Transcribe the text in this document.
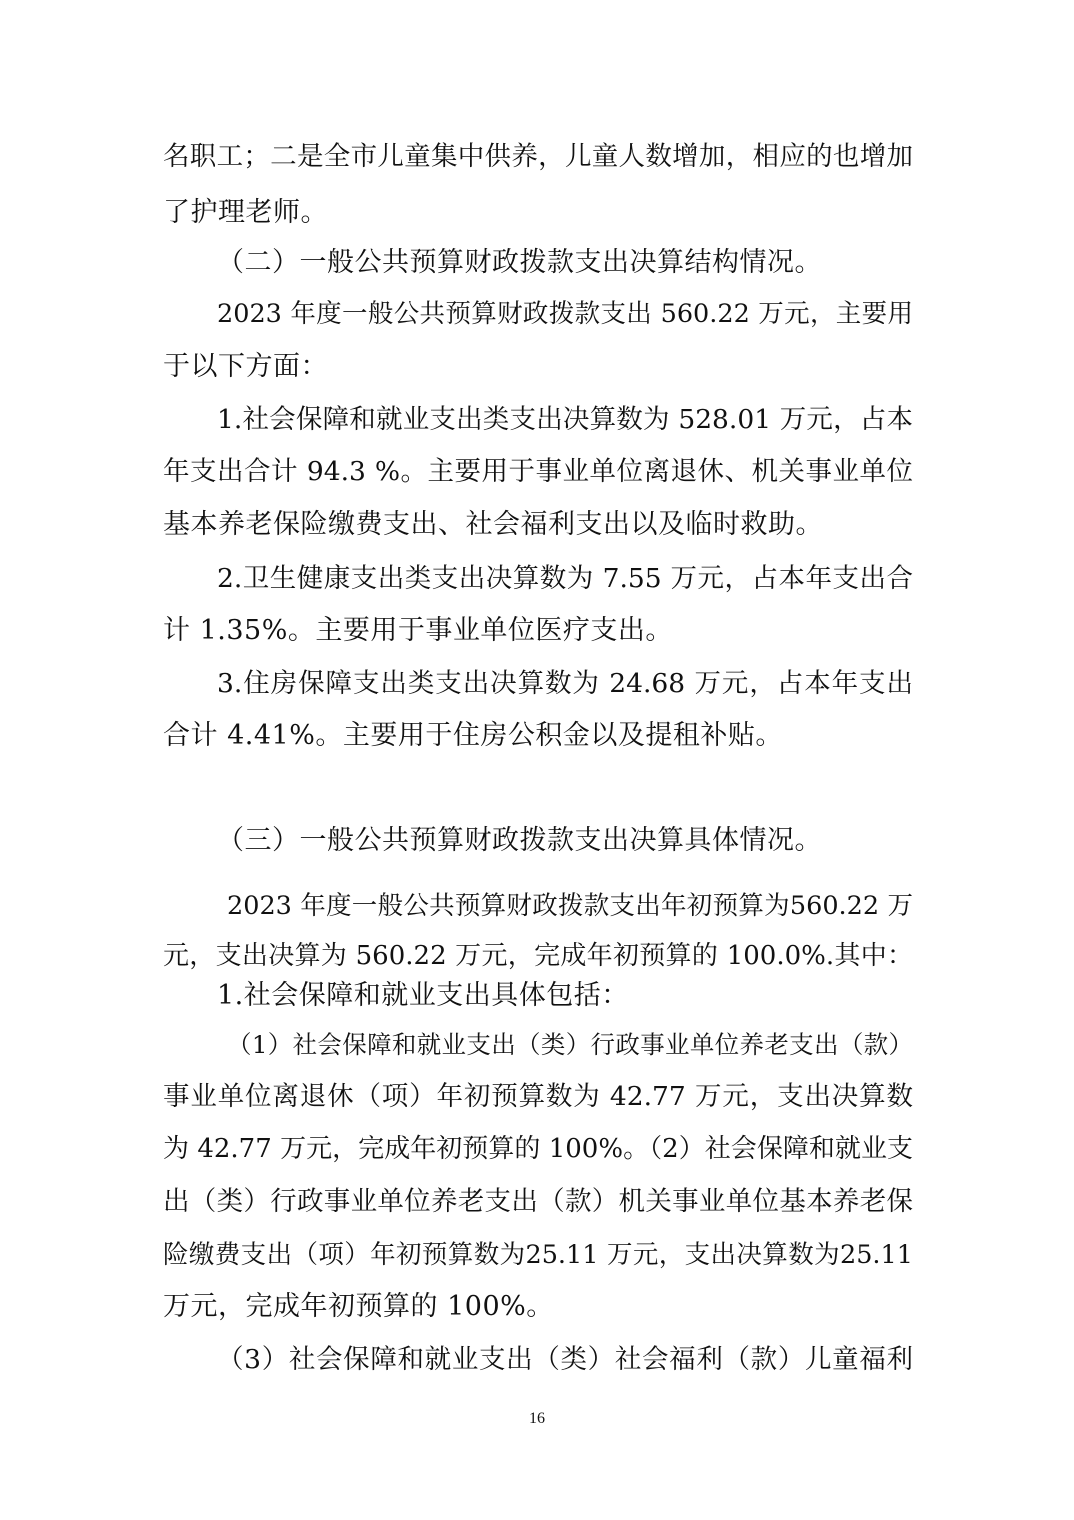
名职工；二是全市儿童集中供养，儿童人数增加，相应的也增加
了护理老师。
（二）一般公共预算财政拨款支出决算结构情况。
2023 年度一般公共预算财政拨款支出 560.22 万元，主要用
于以下方面：
1.社会保障和就业支出类支出决算数为 528.01 万元，占本
年支出合计 94.3 %。主要用于事业单位离退休、机关事业单位
基本养老保险缴费支出、社会福利支出以及临时救助。
2.卫生健康支出类支出决算数为 7.55 万元，占本年支出合
计 1.35%。主要用于事业单位医疗支出。
3.住房保障支出类支出决算数为 24.68 万元，占本年支出
合计 4.41%。主要用于住房公积金以及提租补贴。
（三）一般公共预算财政拨款支出决算具体情况。
2023 年度一般公共预算财政拨款支出年初预算为560.22 万
元，支出决算为 560.22 万元，完成年初预算的 100.0%.其中：
1.社会保障和就业支出具体包括：
（1）社会保障和就业支出（类）行政事业单位养老支出（款）
事业单位离退休（项）年初预算数为 42.77 万元，支出决算数
为 42.77 万元，完成年初预算的 100%。（2）社会保障和就业支
出（类）行政事业单位养老支出（款）机关事业单位基本养老保
险缴费支出（项）年初预算数为25.11 万元，支出决算数为25.11
万元，完成年初预算的 100%。
（3）社会保障和就业支出（类）社会福利（款）儿童福利
16
